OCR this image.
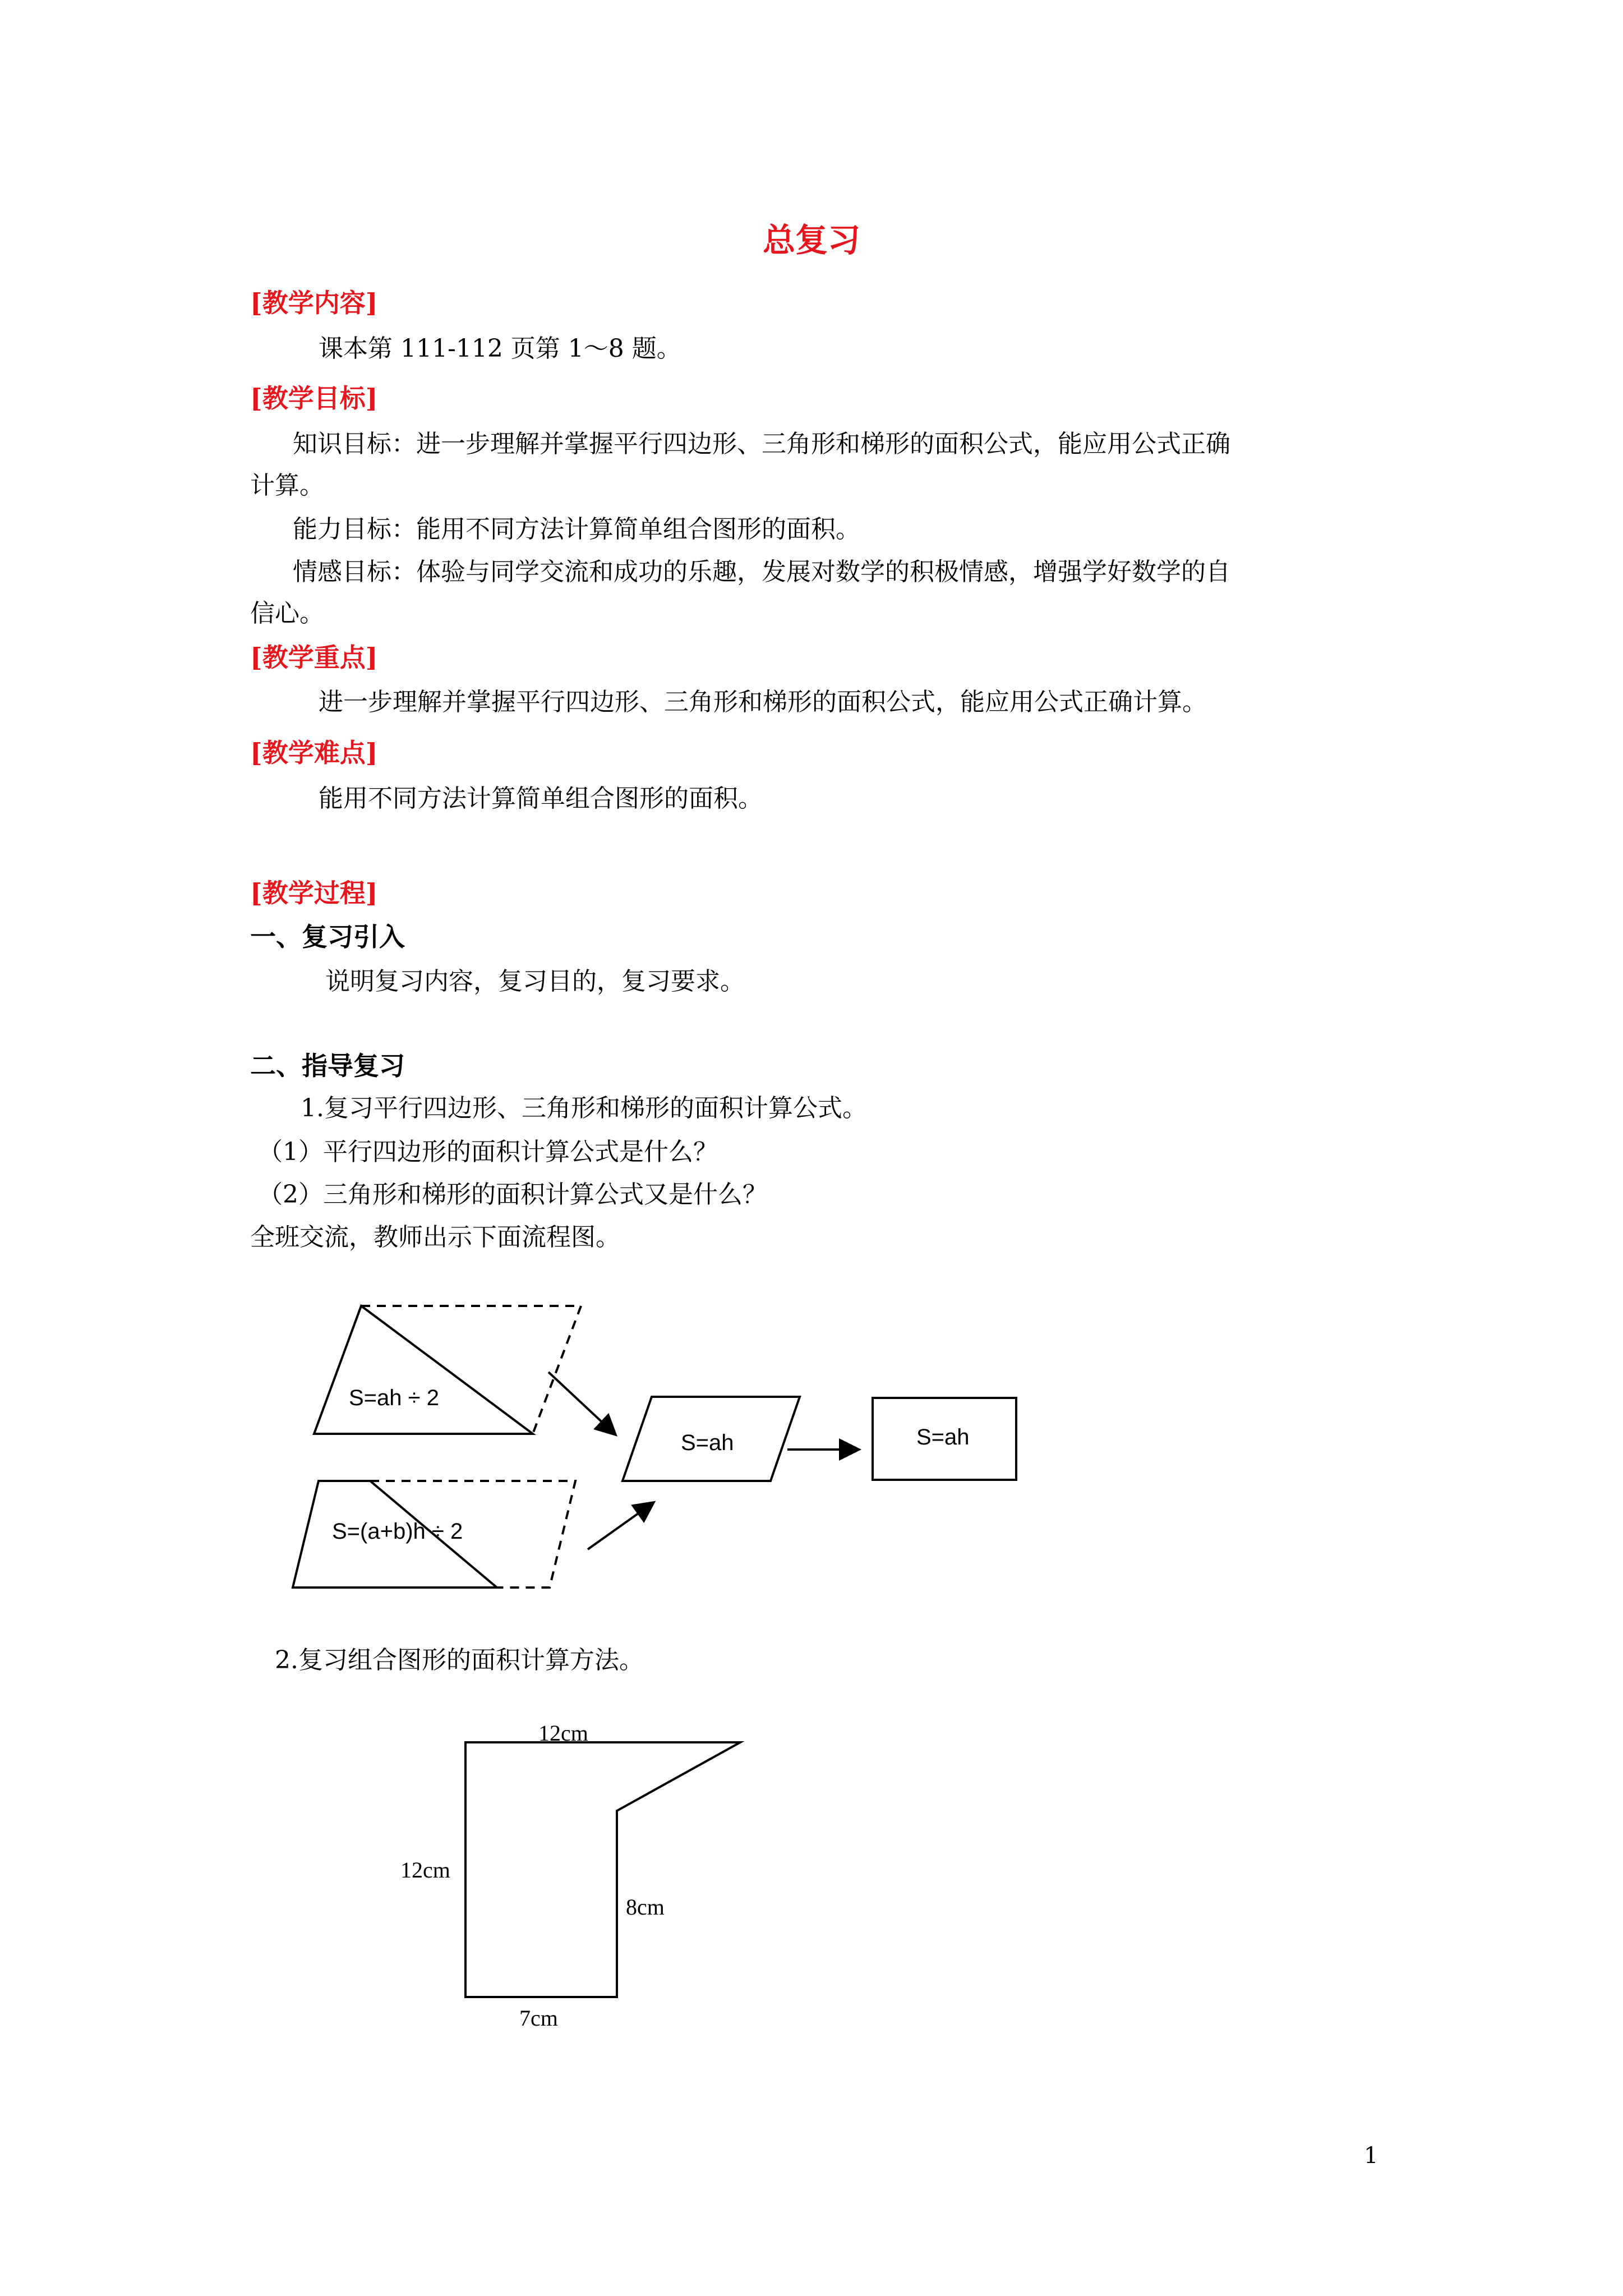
总复习
[教学内容]
课本第 111-112 页第 1～8 题。
[教学目标]
知识目标：进一步理解并掌握平行四边形、三角形和梯形的面积公式，能应用公式正确
计算。
能力目标：能用不同方法计算简单组合图形的面积。
情感目标：体验与同学交流和成功的乐趣，发展对数学的积极情感，增强学好数学的自
信心。
[教学重点]
进一步理解并掌握平行四边形、三角形和梯形的面积公式，能应用公式正确计算。
[教学难点]
能用不同方法计算简单组合图形的面积。
[教学过程]
一、复习引入
说明复习内容，复习目的，复习要求。
二、指导复习
1.复习平行四边形、三角形和梯形的面积计算公式。
（1）平行四边形的面积计算公式是什么？
（2）三角形和梯形的面积计算公式又是什么？
全班交流，教师出示下面流程图。
S=ah ÷ 2
S=(a+b)h ÷ 2
S=ah	S=ah
2.复习组合图形的面积计算方法。
12cm
12cm
8cm
7cm
1
